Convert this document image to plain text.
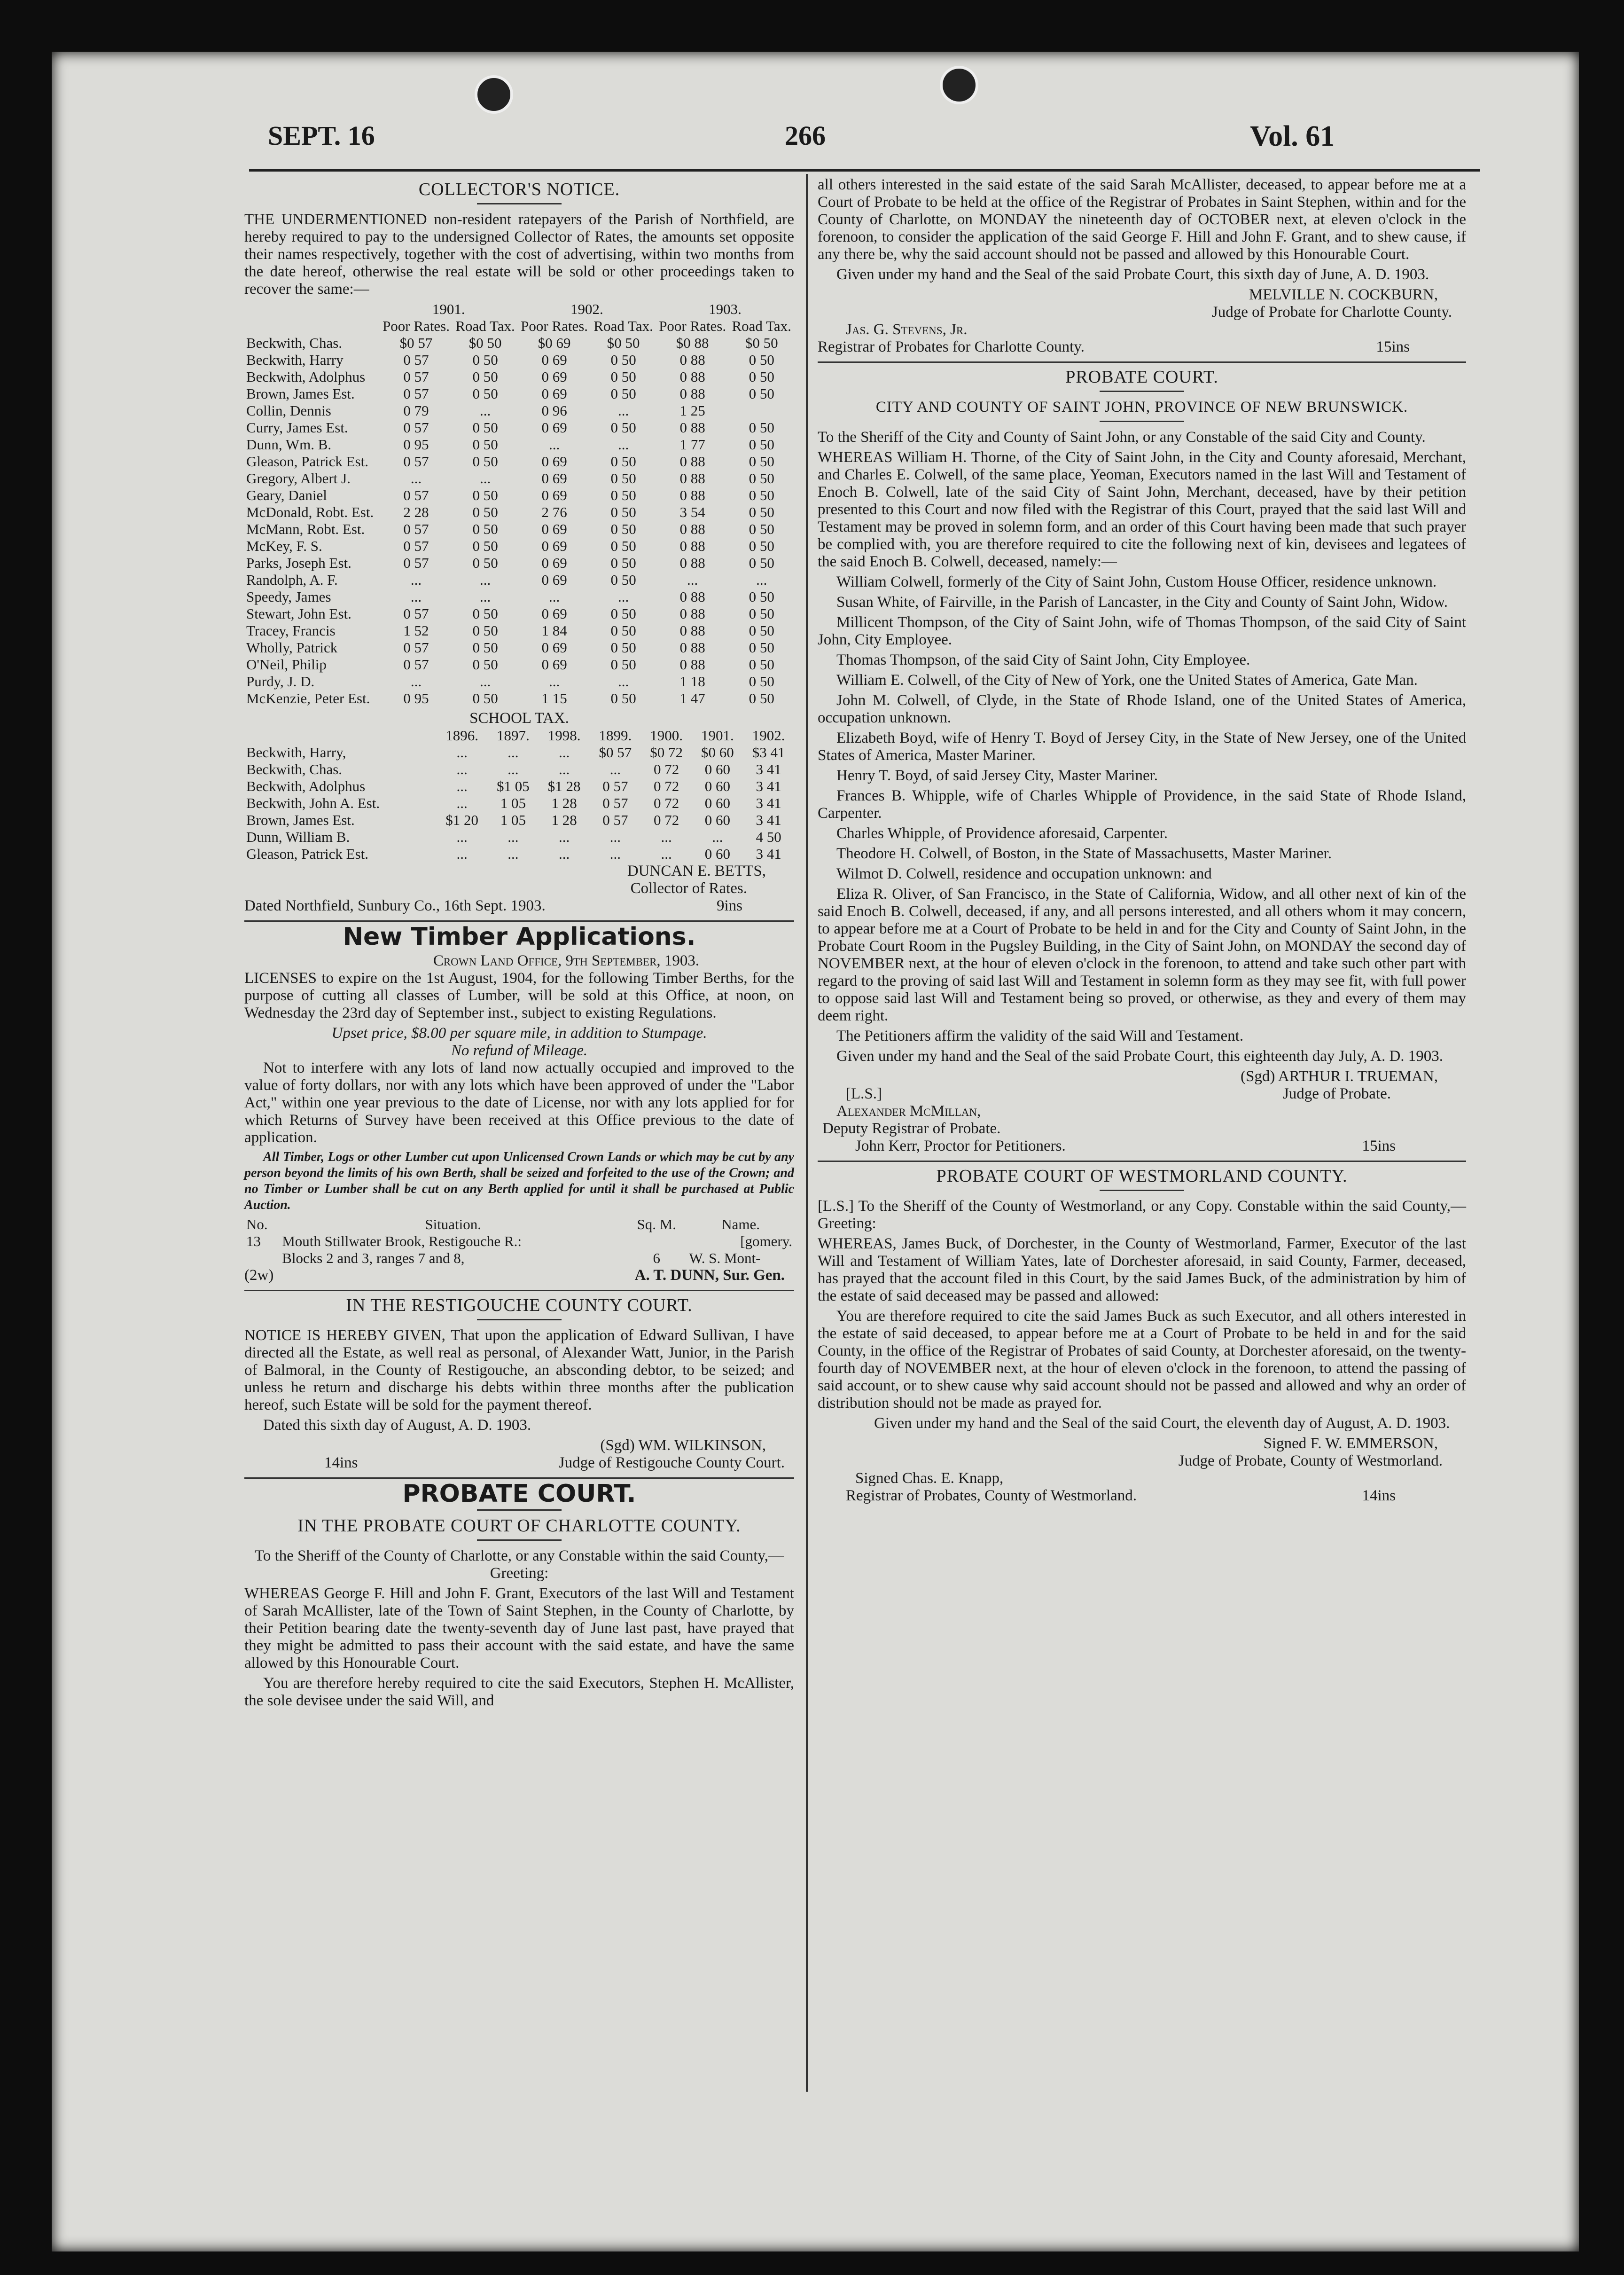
SEPT. 16	266	Vol. 61
COLLECTOR'S NOTICE.

THE UNDERMENTIONED non-resident ratepayers of the Parish of Northfield, are hereby required to pay to the undersigned Collector of Rates, the amounts set opposite their names respectively, together with the cost of advertising, within two months from the date hereof, otherwise the real estate will be sold or other proceedings taken to recover the same:—

	1901.		1902.		1903.	
	Poor Rates.	Road Tax.	Poor Rates.	Road Tax.	Poor Rates.	Road Tax.
Beckwith, Chas.	$0 57	$0 50	$0 69	$0 50	$0 88	$0 50
Beckwith, Harry	0 57	0 50	0 69	0 50	0 88	0 50
Beckwith, Adolphus	0 57	0 50	0 69	0 50	0 88	0 50
Brown, James Est.	0 57	0 50	0 69	0 50	0 88	0 50
Collin, Dennis	0 79	...	0 96	...	1 25	
Curry, James Est.	0 57	0 50	0 69	0 50	0 88	0 50
Dunn, Wm. B.	0 95	0 50	...	...	1 77	0 50
Gleason, Patrick Est.	0 57	0 50	0 69	0 50	0 88	0 50
Gregory, Albert J.	...	...	0 69	0 50	0 88	0 50
Geary, Daniel	0 57	0 50	0 69	0 50	0 88	0 50
McDonald, Robt. Est.	2 28	0 50	2 76	0 50	3 54	0 50
McMann, Robt. Est.	0 57	0 50	0 69	0 50	0 88	0 50
McKey, F. S.	0 57	0 50	0 69	0 50	0 88	0 50
Parks, Joseph Est.	0 57	0 50	0 69	0 50	0 88	0 50
Randolph, A. F.	...	...	0 69	0 50	...	...
Speedy, James	...	...	...	...	0 88	0 50
Stewart, John Est.	0 57	0 50	0 69	0 50	0 88	0 50
Tracey, Francis	1 52	0 50	1 84	0 50	0 88	0 50
Wholly, Patrick	0 57	0 50	0 69	0 50	0 88	0 50
O'Neil, Philip	0 57	0 50	0 69	0 50	0 88	0 50
Purdy, J. D.	...	...	...	...	1 18	0 50
McKenzie, Peter Est.	0 95	0 50	1 15	0 50	1 47	0 50
SCHOOL TAX.
	1896.	1897.	1998.	1899.	1900.	1901.	1902.
Beckwith, Harry,	...	...	...	$0 57	$0 72	$0 60	$3 41
Beckwith, Chas.	...	...	...	...	0 72	0 60	3 41
Beckwith, Adolphus	...	$1 05	$1 28	0 57	0 72	0 60	3 41
Beckwith, John A. Est.	...	1 05	1 28	0 57	0 72	0 60	3 41
Brown, James Est.	$1 20	1 05	1 28	0 57	0 72	0 60	3 41
Dunn, William B.	...	...	...	...	...	...	4 50
Gleason, Patrick Est.	...	...	...	...	...	0 60	3 41
DUNCAN E. BETTS,
Collector of Rates.
Dated Northfield, Sunbury Co., 16th Sept. 1903.	9ins
New Timber Applications.
Crown Land Office, 9th September, 1903.

LICENSES to expire on the 1st August, 1904, for the following Timber Berths, for the purpose of cutting all classes of Lumber, will be sold at this Office, at noon, on Wednesday the 23rd day of September inst., subject to existing Regulations.

Upset price, $8.00 per square mile, in addition to Stumpage.
No refund of Mileage.

Not to interfere with any lots of land now actually occupied and improved to the value of forty dollars, nor with any lots which have been approved of under the "Labor Act," within one year previous to the date of License, nor with any lots applied for for which Returns of Survey have been received at this Office previous to the date of application.

All Timber, Logs or other Lumber cut upon Unlicensed Crown Lands or which may be cut by any person beyond the limits of his own Berth, shall be seized and forfeited to the use of the Crown; and no Timber or Lumber shall be cut on any Berth applied for until it shall be purchased at Public Auction.

No.	Situation.	Sq. M.	Name.
13	Mouth Stillwater Brook, Restigouche R.:		[gomery.
	Blocks 2 and 3, ranges 7 and 8,	6	W. S. Mont-
(2w)	A. T. DUNN, Sur. Gen.
IN THE RESTIGOUCHE COUNTY COURT.

NOTICE IS HEREBY GIVEN, That upon the application of Edward Sullivan, I have directed all the Estate, as well real as personal, of Alexander Watt, Junior, in the Parish of Balmoral, in the County of Restigouche, an absconding debtor, to be seized; and unless he return and discharge his debts within three months after the publication hereof, such Estate will be sold for the payment thereof.

Dated this sixth day of August, A. D. 1903.

(Sgd) WM. WILKINSON,
14ins	Judge of Restigouche County Court.
PROBATE COURT.
IN THE PROBATE COURT OF CHARLOTTE COUNTY.

To the Sheriff of the County of Charlotte, or any Constable within the said County,—Greeting:

WHEREAS George F. Hill and John F. Grant, Executors of the last Will and Testament of Sarah McAllister, late of the Town of Saint Stephen, in the County of Charlotte, by their Petition bearing date the twenty-seventh day of June last past, have prayed that they might be admitted to pass their account with the said estate, and have the same allowed by this Honourable Court.

You are therefore hereby required to cite the said Executors, Stephen H. McAllister, the sole devisee under the said Will, and

all others interested in the said estate of the said Sarah McAllister, deceased, to appear before me at a Court of Probate to be held at the office of the Registrar of Probates in Saint Stephen, within and for the County of Charlotte, on MONDAY the nineteenth day of OCTOBER next, at eleven o'clock in the forenoon, to consider the application of the said George F. Hill and John F. Grant, and to shew cause, if any there be, why the said account should not be passed and allowed by this Honourable Court.

Given under my hand and the Seal of the said Probate Court, this sixth day of June, A. D. 1903.

MELVILLE N. COCKBURN,
Judge of Probate for Charlotte County.
Jas. G. Stevens, Jr.
Registrar of Probates for Charlotte County.	15ins
PROBATE COURT.
CITY AND COUNTY OF SAINT JOHN, PROVINCE OF NEW BRUNSWICK.

To the Sheriff of the City and County of Saint John, or any Constable of the said City and County.

WHEREAS William H. Thorne, of the City of Saint John, in the City and County aforesaid, Merchant, and Charles E. Colwell, of the same place, Yeoman, Executors named in the last Will and Testament of Enoch B. Colwell, late of the said City of Saint John, Merchant, deceased, have by their petition presented to this Court and now filed with the Registrar of this Court, prayed that the said last Will and Testament may be proved in solemn form, and an order of this Court having been made that such prayer be complied with, you are therefore required to cite the following next of kin, devisees and legatees of the said Enoch B. Colwell, deceased, namely:—

William Colwell, formerly of the City of Saint John, Custom House Officer, residence unknown.

Susan White, of Fairville, in the Parish of Lancaster, in the City and County of Saint John, Widow.

Millicent Thompson, of the City of Saint John, wife of Thomas Thompson, of the said City of Saint John, City Employee.

Thomas Thompson, of the said City of Saint John, City Employee.

William E. Colwell, of the City of New of York, one the United States of America, Gate Man.

John M. Colwell, of Clyde, in the State of Rhode Island, one of the United States of America, occupation unknown.

Elizabeth Boyd, wife of Henry T. Boyd of Jersey City, in the State of New Jersey, one of the United States of America, Master Mariner.

Henry T. Boyd, of said Jersey City, Master Mariner.

Frances B. Whipple, wife of Charles Whipple of Providence, in the said State of Rhode Island, Carpenter.

Charles Whipple, of Providence aforesaid, Carpenter.

Theodore H. Colwell, of Boston, in the State of Massachusetts, Master Mariner.

Wilmot D. Colwell, residence and occupation unknown: and

Eliza R. Oliver, of San Francisco, in the State of California, Widow, and all other next of kin of the said Enoch B. Colwell, deceased, if any, and all persons interested, and all others whom it may concern, to appear before me at a Court of Probate to be held in and for the City and County of Saint John, in the Probate Court Room in the Pugsley Building, in the City of Saint John, on MONDAY the second day of NOVEMBER next, at the hour of eleven o'clock in the forenoon, to attend and take such other part with regard to the proving of said last Will and Testament in solemn form as they may see fit, with full power to oppose said last Will and Testament being so proved, or otherwise, as they and every of them may deem right.

The Petitioners affirm the validity of the said Will and Testament.

Given under my hand and the Seal of the said Probate Court, this eighteenth day July, A. D. 1903.

(Sgd) ARTHUR I. TRUEMAN,
[L.S.]	Judge of Probate.
Alexander McMillan,
Deputy Registrar of Probate.
John Kerr, Proctor for Petitioners.	15ins
PROBATE COURT OF WESTMORLAND COUNTY.

[L.S.] To the Sheriff of the County of Westmorland, or any Copy. Constable within the said County,—Greeting:

WHEREAS, James Buck, of Dorchester, in the County of Westmorland, Farmer, Executor of the last Will and Testament of William Yates, late of Dorchester aforesaid, in said County, Farmer, deceased, has prayed that the account filed in this Court, by the said James Buck, of the administration by him of the estate of said deceased may be passed and allowed:

You are therefore required to cite the said James Buck as such Executor, and all others interested in the estate of said deceased, to appear before me at a Court of Probate to be held in and for the said County, in the office of the Registrar of Probates of said County, at Dorchester aforesaid, on the twenty-fourth day of NOVEMBER next, at the hour of eleven o'clock in the forenoon, to attend the passing of said account, or to shew cause why said account should not be passed and allowed and why an order of distribution should not be made as prayed for.

Given under my hand and the Seal of the said Court, the eleventh day of August, A. D. 1903.

Signed F. W. EMMERSON,
Judge of Probate, County of Westmorland.
Signed Chas. E. Knapp,
Registrar of Probates, County of Westmorland.	14ins
